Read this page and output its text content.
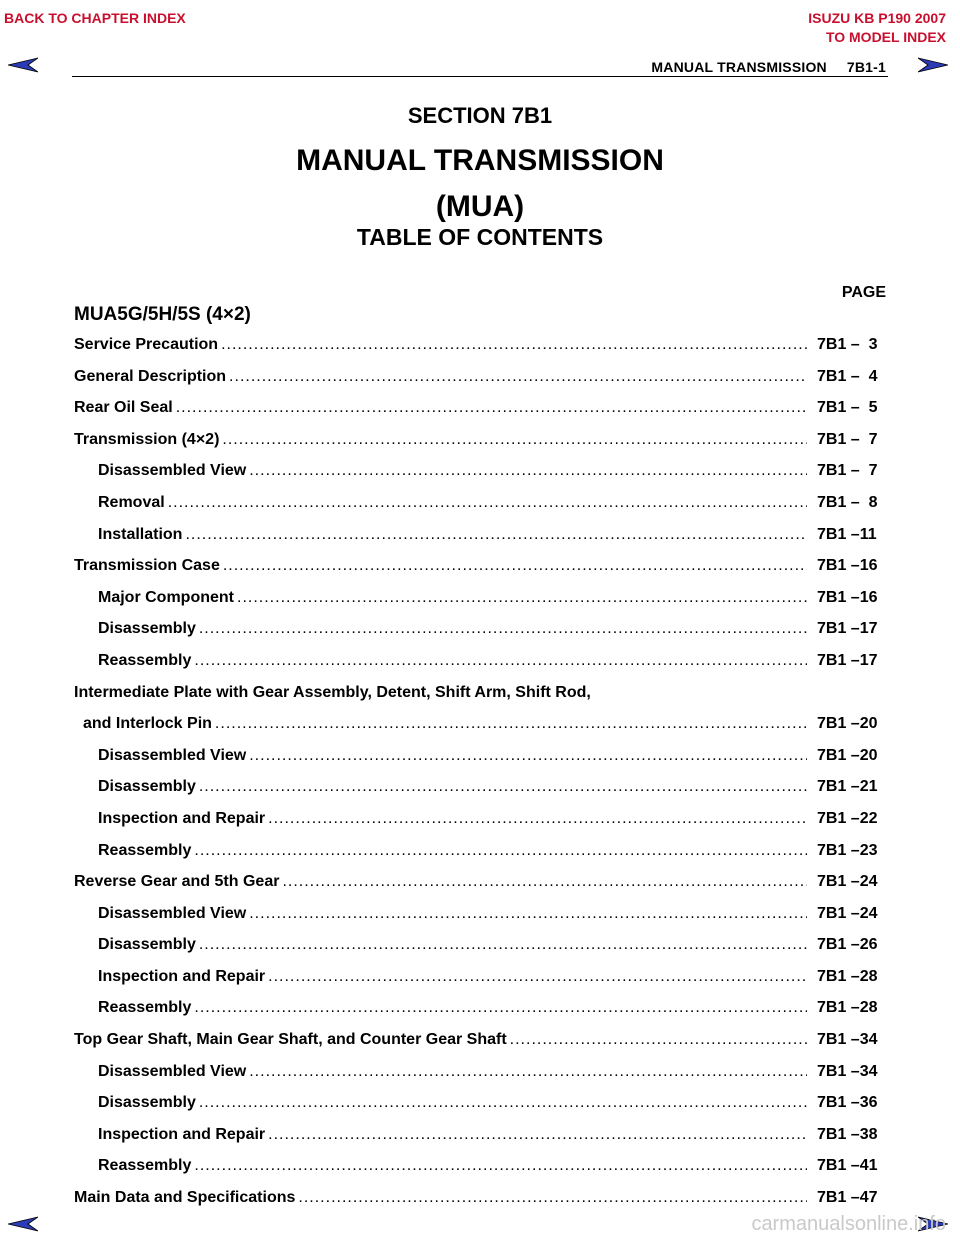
BACK TO CHAPTER INDEX	ISUZU KB P190 2007
TO MODEL INDEX
MANUAL TRANSMISSION 7B1-1
SECTION 7B1
MANUAL TRANSMISSION
(MUA)
TABLE OF CONTENTS
PAGE
MUA5G/5H/5S (4×2)
Service Precaution .....	7B1 –  3
General Description .....	7B1 –  4
Rear Oil Seal .....	7B1 –  5
Transmission (4×2) .....	7B1 –  7
Disassembled View .....	7B1 –  7
Removal .....	7B1 –  8
Installation .....	7B1 –11
Transmission Case .....	7B1 –16
Major Component .....	7B1 –16
Disassembly .....	7B1 –17
Reassembly .....	7B1 –17
Intermediate Plate with Gear Assembly, Detent, Shift Arm, Shift Rod,
and Interlock Pin .....	7B1 –20
Disassembled View .....	7B1 –20
Disassembly .....	7B1 –21
Inspection and Repair .....	7B1 –22
Reassembly .....	7B1 –23
Reverse Gear and 5th Gear .....	7B1 –24
Disassembled View .....	7B1 –24
Disassembly .....	7B1 –26
Inspection and Repair .....	7B1 –28
Reassembly .....	7B1 –28
Top Gear Shaft, Main Gear Shaft, and Counter Gear Shaft .....	7B1 –34
Disassembled View .....	7B1 –34
Disassembly .....	7B1 –36
Inspection and Repair .....	7B1 –38
Reassembly .....	7B1 –41
Main Data and Specifications .....	7B1 –47
carmanualsonline.info
